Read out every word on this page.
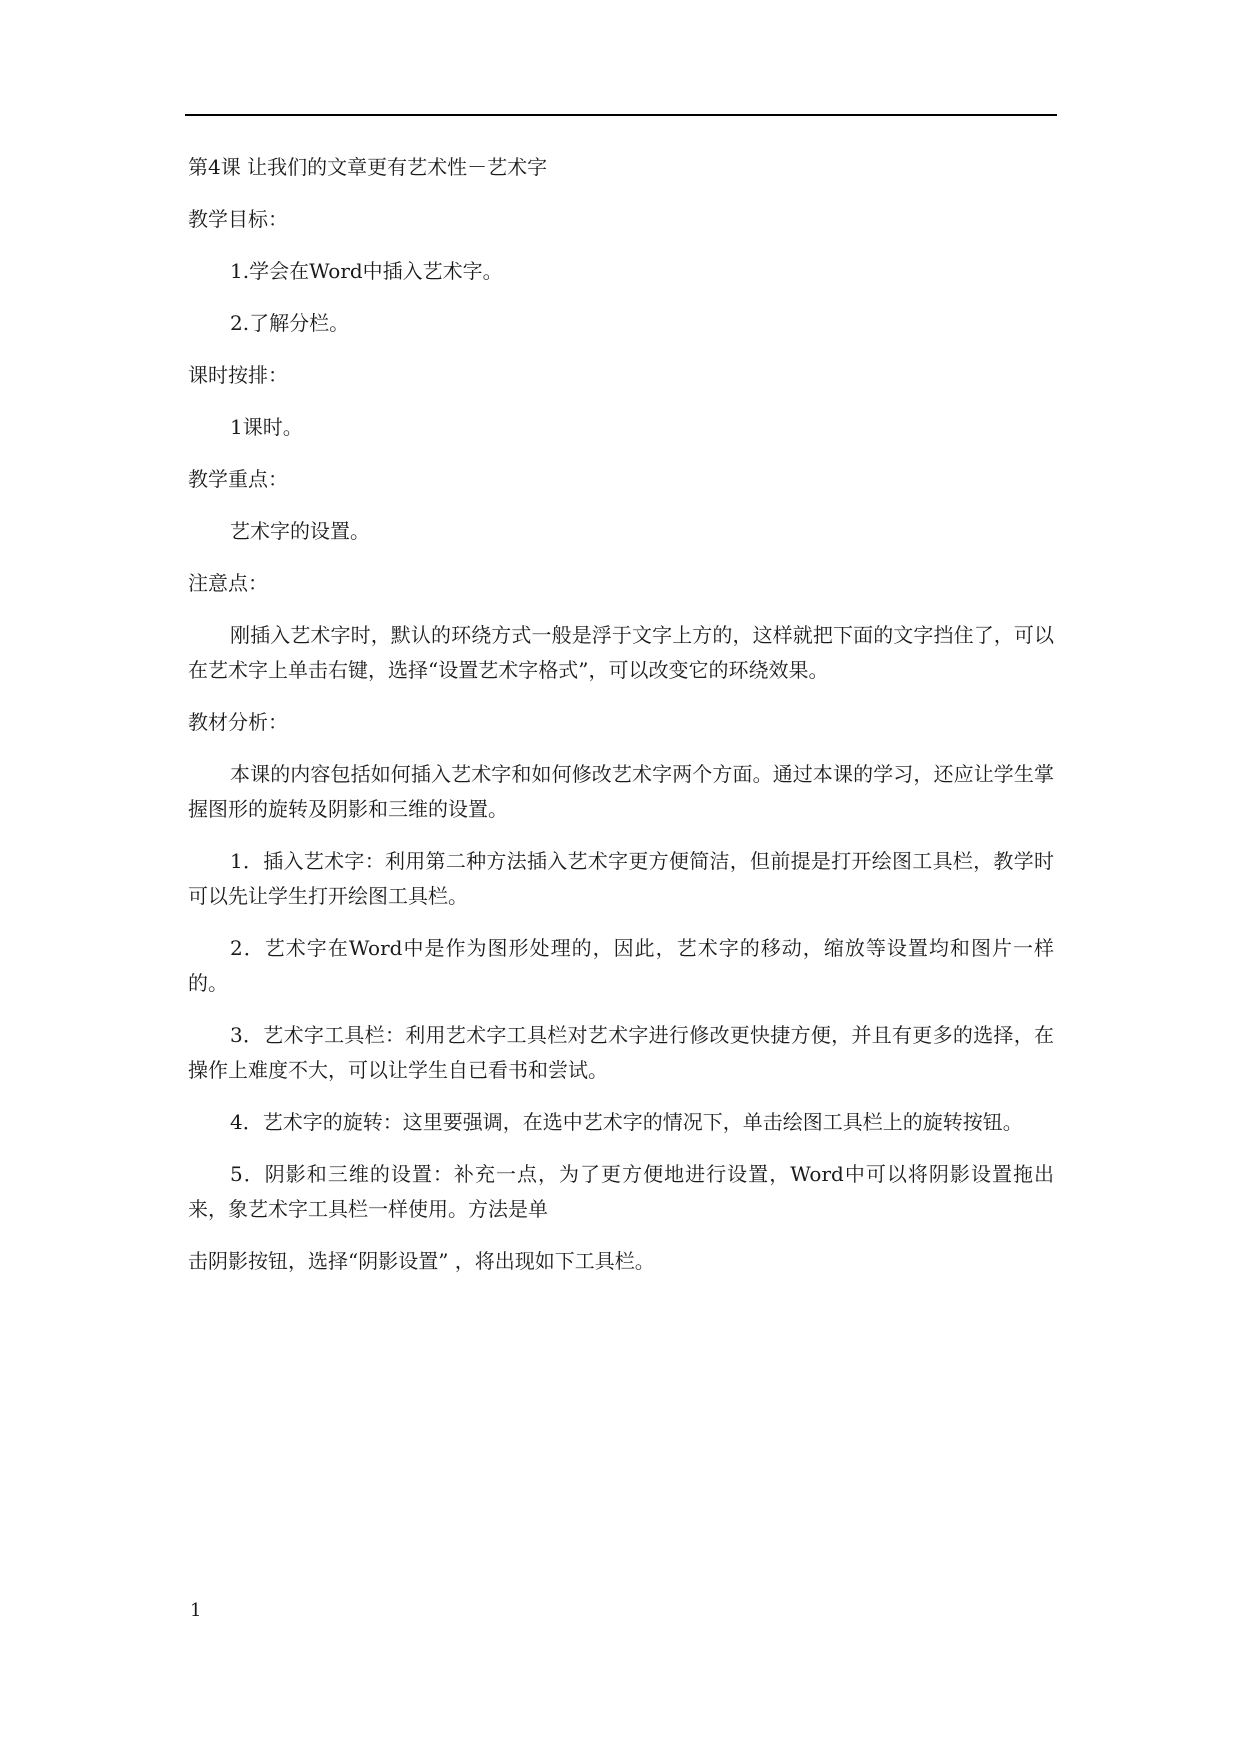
第4课 让我们的文章更有艺术性－艺术字

教学目标：

1.学会在Word中插入艺术字。

2.了解分栏。

课时按排：

1课时。

教学重点：

艺术字的设置。

注意点：

刚插入艺术字时，默认的环绕方式一般是浮于文字上方的，这样就把下面的文字挡住了，可以在艺术字上单击右键，选择“设置艺术字格式”，可以改变它的环绕效果。

教材分析：

本课的内容包括如何插入艺术字和如何修改艺术字两个方面。通过本课的学习，还应让学生掌握图形的旋转及阴影和三维的设置。

1．插入艺术字：利用第二种方法插入艺术字更方便简洁，但前提是打开绘图工具栏，教学时可以先让学生打开绘图工具栏。

2．艺术字在Word中是作为图形处理的，因此，艺术字的移动，缩放等设置均和图片一样的。

3．艺术字工具栏：利用艺术字工具栏对艺术字进行修改更快捷方便，并且有更多的选择，在操作上难度不大，可以让学生自已看书和尝试。

4．艺术字的旋转：这里要强调，在选中艺术字的情况下，单击绘图工具栏上的旋转按钮。

5．阴影和三维的设置：补充一点，为了更方便地进行设置，Word中可以将阴影设置拖出来，象艺术字工具栏一样使用。方法是单

击阴影按钮，选择“阴影设置” ，将出现如下工具栏。

1
